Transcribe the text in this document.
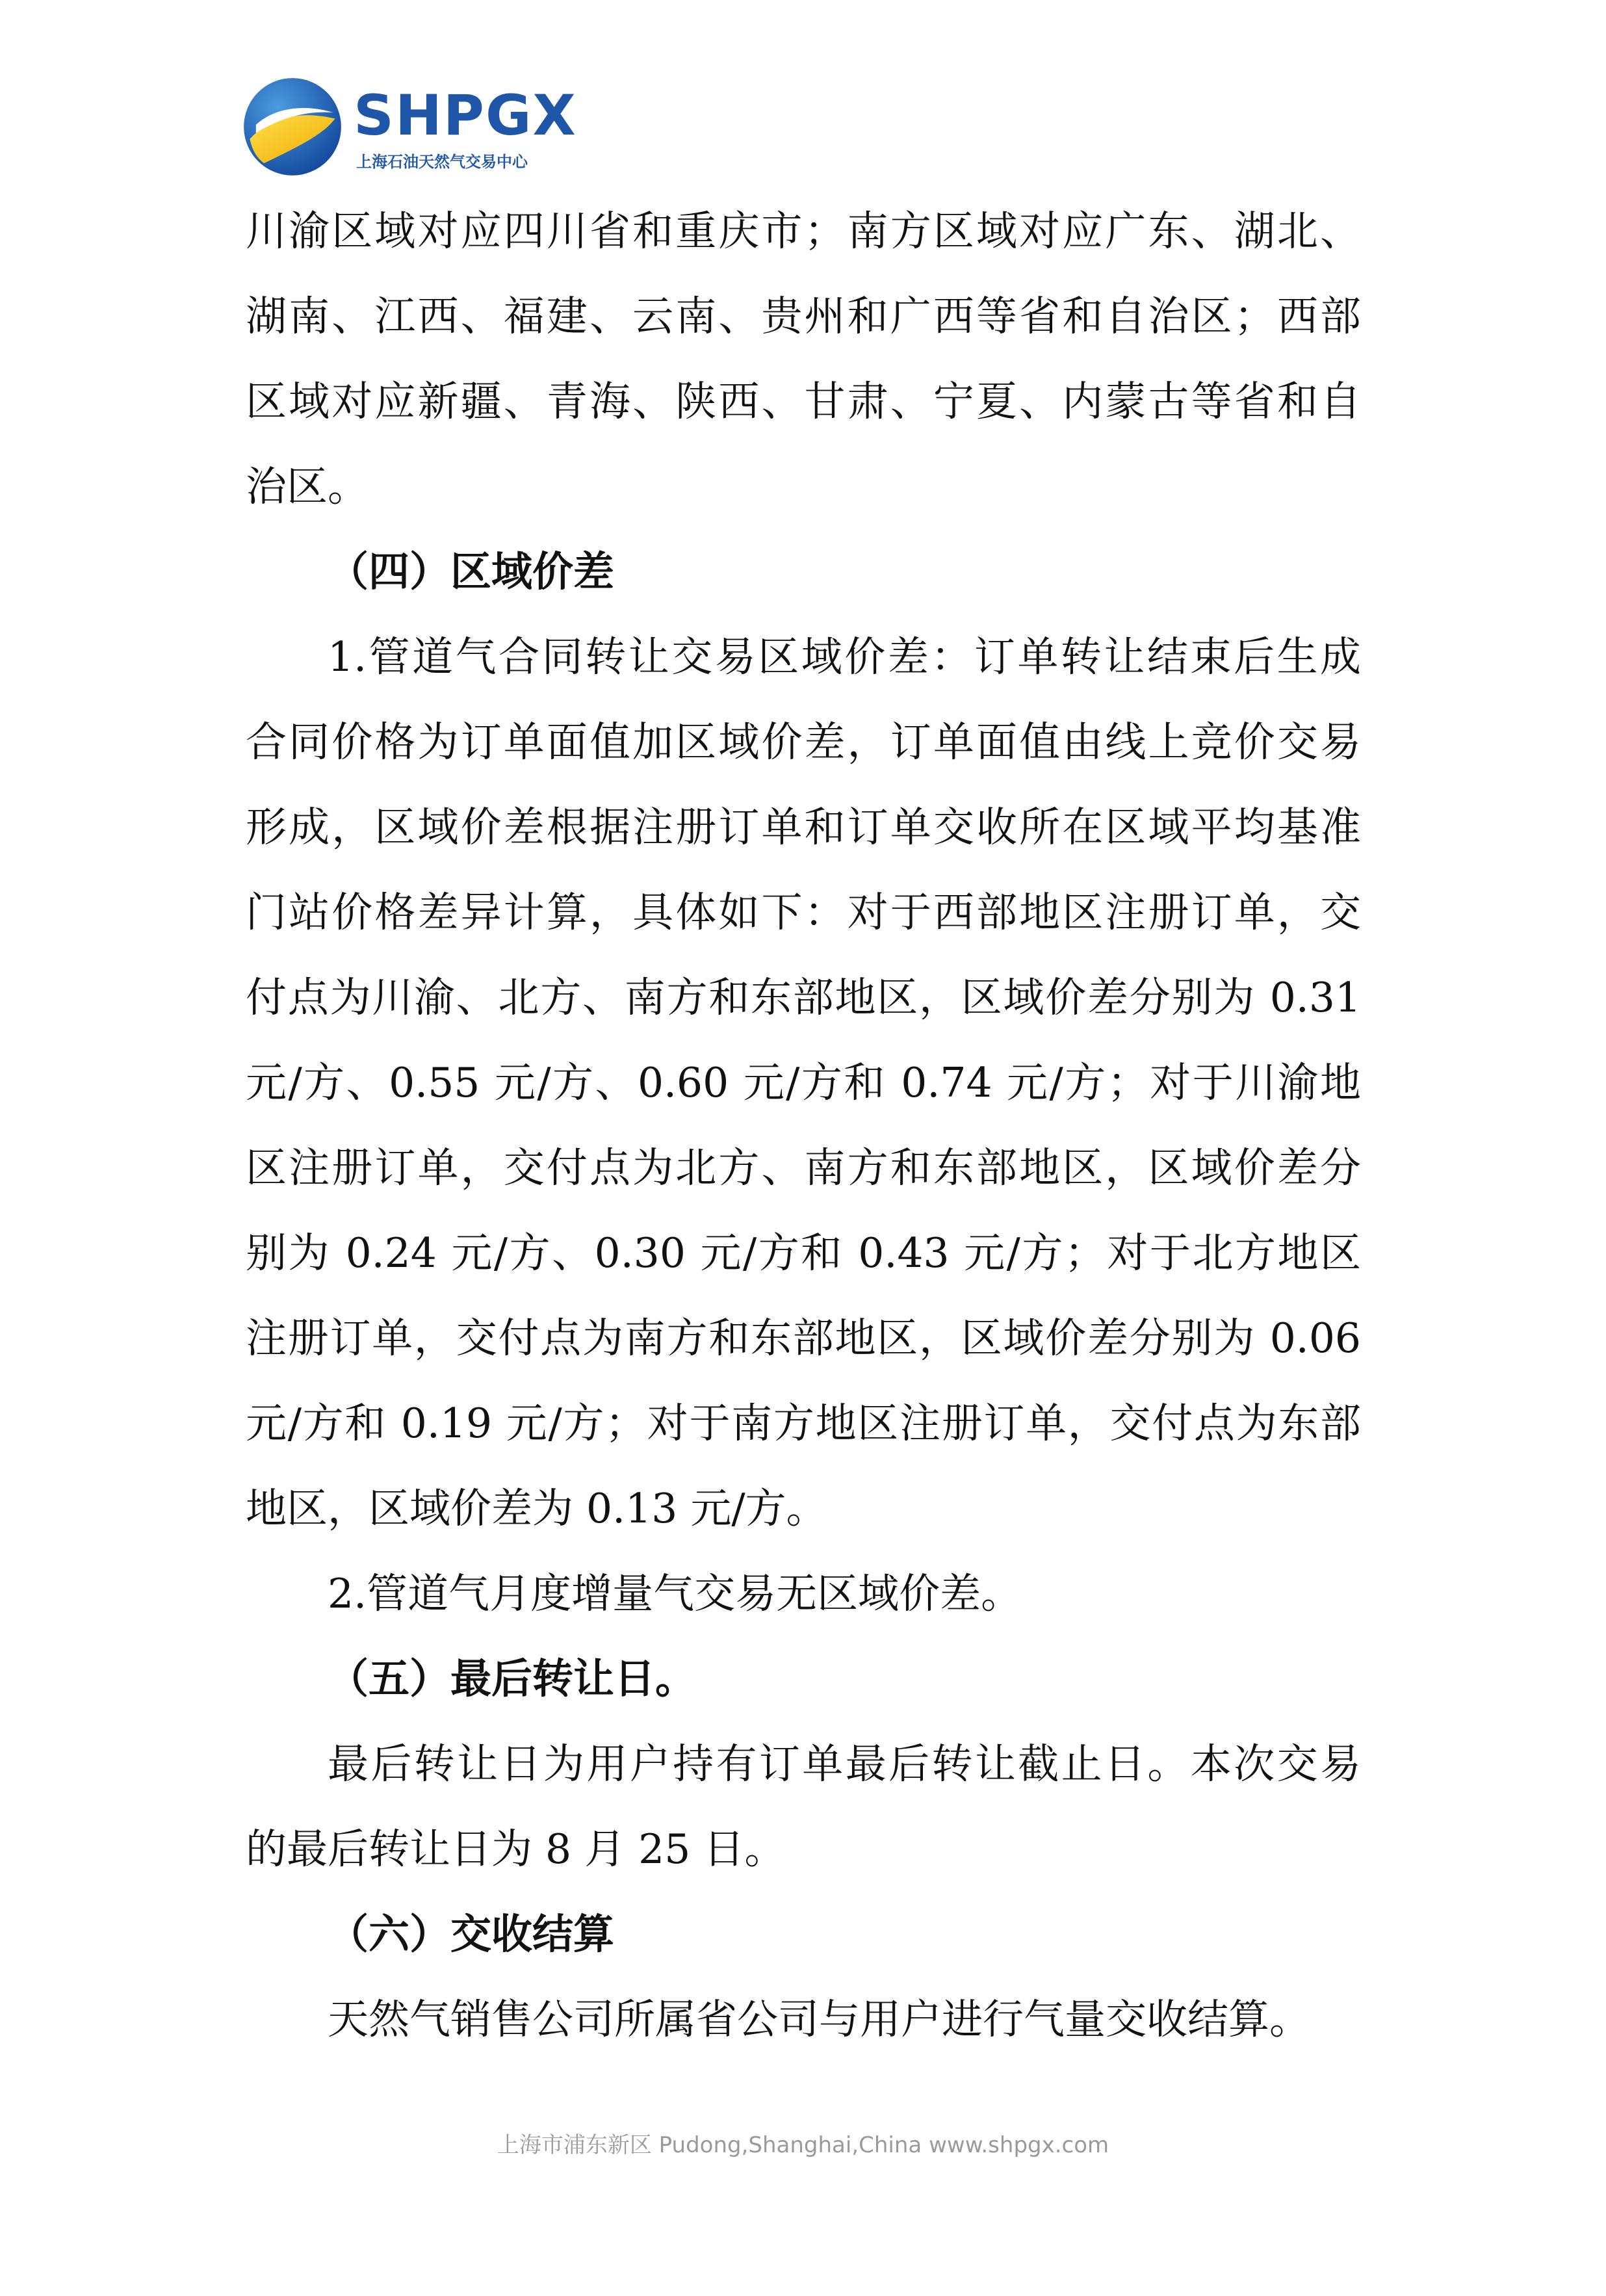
SHPGX
上海石油天然气交易中心
川渝区域对应四川省和重庆市；南方区域对应广东、湖北、
湖南、江西、福建、云南、贵州和广西等省和自治区；西部
区域对应新疆、青海、陕西、甘肃、宁夏、内蒙古等省和自
治区。
（四）区域价差
1.管道气合同转让交易区域价差：订单转让结束后生成
合同价格为订单面值加区域价差，订单面值由线上竞价交易
形成，区域价差根据注册订单和订单交收所在区域平均基准
门站价格差异计算，具体如下：对于西部地区注册订单，交
付点为川渝、北方、南方和东部地区，区域价差分别为 0.31
元/方、0.55 元/方、0.60 元/方和 0.74 元/方；对于川渝地
区注册订单，交付点为北方、南方和东部地区，区域价差分
别为 0.24 元/方、0.30 元/方和 0.43 元/方；对于北方地区
注册订单，交付点为南方和东部地区，区域价差分别为 0.06
元/方和 0.19 元/方；对于南方地区注册订单，交付点为东部
地区，区域价差为 0.13 元/方。
2.管道气月度增量气交易无区域价差。
（五）最后转让日。
最后转让日为用户持有订单最后转让截止日。本次交易
的最后转让日为 8 月 25 日。
（六）交收结算
天然气销售公司所属省公司与用户进行气量交收结算。
上海市浦东新区 Pudong,Shanghai,China www.shpgx.com
